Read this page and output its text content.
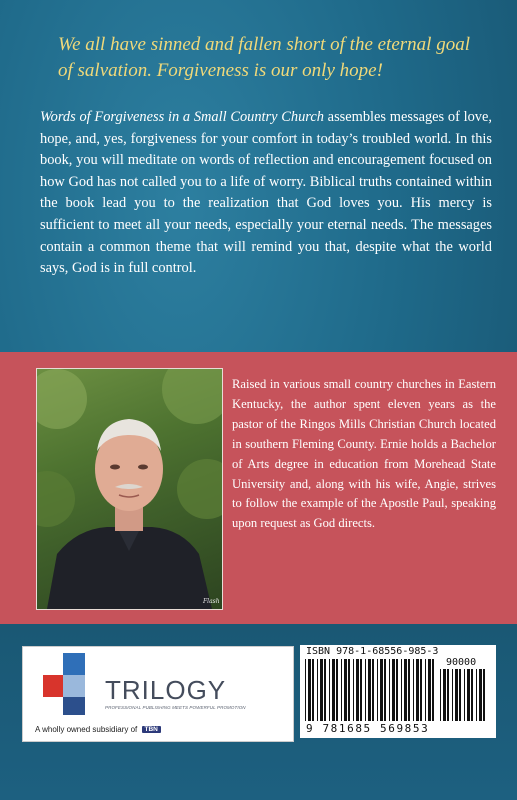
We all have sinned and fallen short of the eternal goal of salvation. Forgiveness is our only hope!
Words of Forgiveness in a Small Country Church assembles messages of love, hope, and, yes, forgiveness for your comfort in today’s troubled world. In this book, you will meditate on words of reflection and encouragement focused on how God has not called you to a life of worry. Biblical truths contained within the book lead you to the realization that God loves you. His mercy is sufficient to meet all your needs, especially your eternal needs. The messages contain a common theme that will remind you that, despite what the world says, God is in full control.
Flash
Raised in various small country churches in Eastern Kentucky, the author spent eleven years as the pastor of the Ringos Mills Christian Church located in southern Fleming County. Ernie holds a Bachelor of Arts degree in education from Morehead State University and, along with his wife, Angie, strives to follow the example of the Apostle Paul, speaking upon request as God directs.
TRILOGY
PROFESSIONAL PUBLISHING MEETS POWERFUL PROMOTION
A wholly owned subsidiary of TBN
ISBN 978-1-68556-985-3
90000
9 781685 569853
